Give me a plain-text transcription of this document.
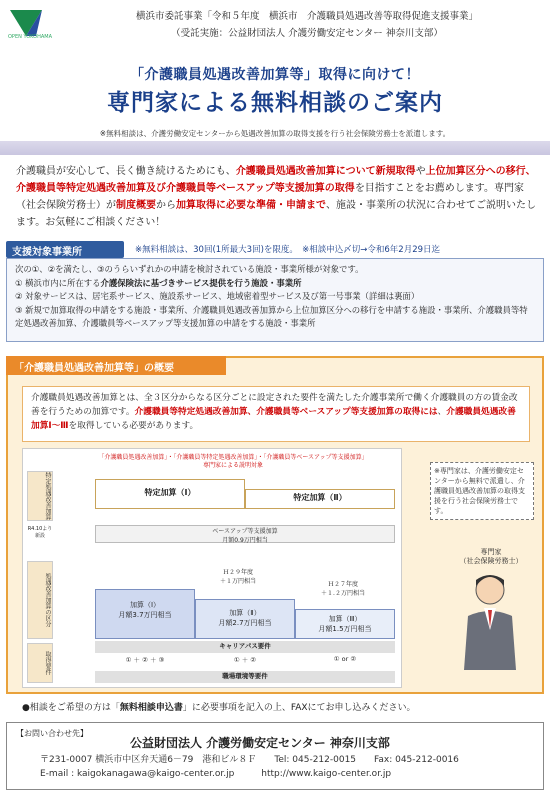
OPEN YOKOHAMA
横浜市委託事業「令和５年度　横浜市　介護職員処遇改善等取得促進支援事業」
（受託実施：公益財団法人 介護労働安定センター 神奈川支部）
「介護職員処遇改善加算等」取得に向けて！
専門家による無料相談のご案内
※無料相談は、介護労働安定センターから処遇改善加算の取得支援を行う社会保険労務士を派遣します。
介護職員が安心して、長く働き続けるためにも、介護職員処遇改善加算について新規取得や上位加算区分への移行、介護職員等特定処遇改善加算及び介護職員等ベースアップ等支援加算の取得を目指すことをお薦めします。専門家（社会保険労務士）が制度概要から加算取得に必要な準備・申請まで、施設・事業所の状況に合わせてご説明いたします。お気軽にご相談ください！
支援対象事業所	※無料相談は、30回(1所最大3回)を限度。　※相談申込〆切→令和6年2月29日迄
次の①、②を満たし、③のうらいずれかの申請を検討されている施設・事業所様が対象です。
① 横浜市内に所在する介護保険法に基づきサービス提供を行う施設・事業所
② 対象サービスは、居宅系サービス、施設系サービス、地域密着型サービス及び第一号事業（詳細は裏面）
③ 新規で加算取得の申請をする施設・事業所、介護職員処遇改善加算から上位加算区分への移行を申請する施設・事業所、介護職員等特定処遇改善加算、介護職員等ベースアップ等支援加算の申請をする施設・事業所
「介護職員処遇改善加算等」の概要
介護職員処遇改善加算とは、全３区分からなる区分ごとに設定された要件を満たした介護事業所で働く介護職員の方の賃金改善を行うための加算です。介護職員等特定処遇改善加算、介護職員等ベースアップ等支援加算の取得には、介護職員処遇改善加算Ⅰ～Ⅲを取得している必要があります。
「介護職員処遇改善加算」・「介護職員等特定処遇改善加算」・「介護職員等ベースアップ等支援加算」
専門家による説明対象
特定処遇改善加算
R4.10より新設
処遇改善加算の区分
取得要件
特定加算（Ⅰ）
特定加算（Ⅱ）
ベースアップ等支援加算
月額0.9万円相当
加算（Ⅰ）
月額3.7万円相当	加算（Ⅱ）
月額2.7万円相当	加算（Ⅲ）
月額1.5万円相当
Ｈ２９年度
＋１万円相当	Ｈ２７年度
＋１.２万円相当
キャリアパス要件
① ＋ ② ＋ ③	① ＋ ②	① or ②
職場環境等要件
※専門家は、介護労働安定センターから無料で派遣し、介護職員処遇改善加算の取得支援を行う社会保険労務士です。
専門家
（社会保険労務士）
●相談をご希望の方は「無料相談申込書」に必要事項を記入の上、FAXにてお申し込みください。
【お問い合わせ先】
公益財団法人 介護労働安定センター 神奈川支部
〒231-0007 横浜市中区弁天通6－79　港和ビル８Ｆ　　Tel: 045-212-0015　　Fax: 045-212-0016
E-mail : kaigokanagawa@kaigo-center.or.jp　　　http://www.kaigo-center.or.jp
